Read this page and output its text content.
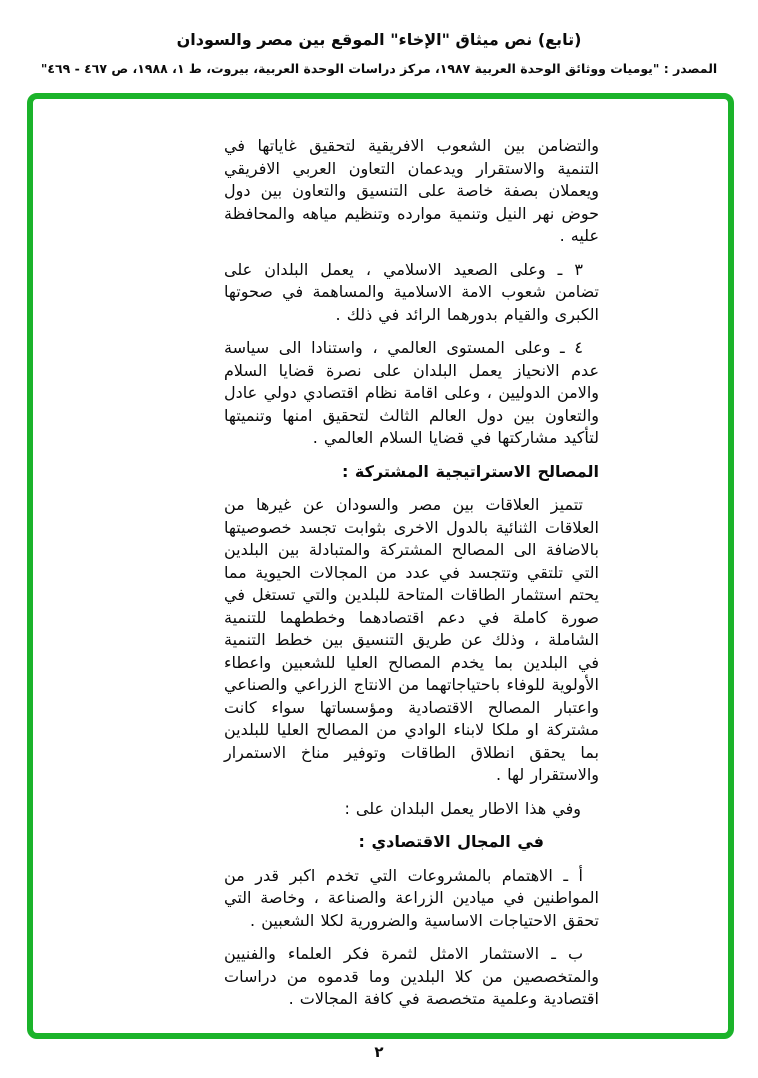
(تابع) نص ميثاق "الإخاء" الموقع بين مصر والسودان
المصدر : "يوميات ووثائق الوحدة العربية ١٩٨٧، مركز دراسات الوحدة العربية، بيروت، ط ١، ١٩٨٨، ص ٤٦٧ - ٤٦٩"

والتضامن بين الشعوب الافريقية لتحقيق غاياتها في التنمية والاستقرار ويدعمان التعاون العربي الافريقي ويعملان بصفة خاصة على التنسيق والتعاون بين دول حوض نهر النيل وتنمية موارده وتنظيم مياهه والمحافظة عليه .

٣ ـ وعلى الصعيد الاسلامي ، يعمل البلدان على تضامن شعوب الامة الاسلامية والمساهمة في صحوتها الكبرى والقيام بدورهما الرائد في ذلك .

٤ ـ وعلى المستوى العالمي ، واستنادا الى سياسة عدم الانحياز يعمل البلدان على نصرة قضايا السلام والامن الدوليين ، وعلى اقامة نظام اقتصادي دولي عادل والتعاون بين دول العالم الثالث لتحقيق امنها وتنميتها لتأكيد مشاركتها في قضايا السلام العالمي .

المصالح الاستراتيجية المشتركة :

تتميز العلاقات بين مصر والسودان عن غيرها من العلاقات الثنائية بالدول الاخرى بثوابت تجسد خصوصيتها بالاضافة الى المصالح المشتركة والمتبادلة بين البلدين التي تلتقي وتتجسد في عدد من المجالات الحيوية مما يحتم استثمار الطاقات المتاحة للبلدين والتي تستغل في صورة كاملة في دعم اقتصادهما وخططهما للتنمية الشاملة ، وذلك عن طريق التنسيق بين خطط التنمية في البلدين بما يخدم المصالح العليا للشعبين واعطاء الأولوية للوفاء باحتياجاتهما من الانتاج الزراعي والصناعي واعتبار المصالح الاقتصادية ومؤسساتها سواء كانت مشتركة او ملكا لابناء الوادي من المصالح العليا للبلدين بما يحقق انطلاق الطاقات وتوفير مناخ الاستمرار والاستقرار لها .

وفي هذا الاطار يعمل البلدان على :

في المجال الاقتصادي :

أ ـ الاهتمام بالمشروعات التي تخدم اكبر قدر من المواطنين في ميادين الزراعة والصناعة ، وخاصة التي تحقق الاحتياجات الاساسية والضرورية لكلا الشعبين .

ب ـ الاستثمار الامثل لثمرة فكر العلماء والفنيين والمتخصصين من كلا البلدين وما قدموه من دراسات اقتصادية وعلمية متخصصة في كافة المجالات .

٢
